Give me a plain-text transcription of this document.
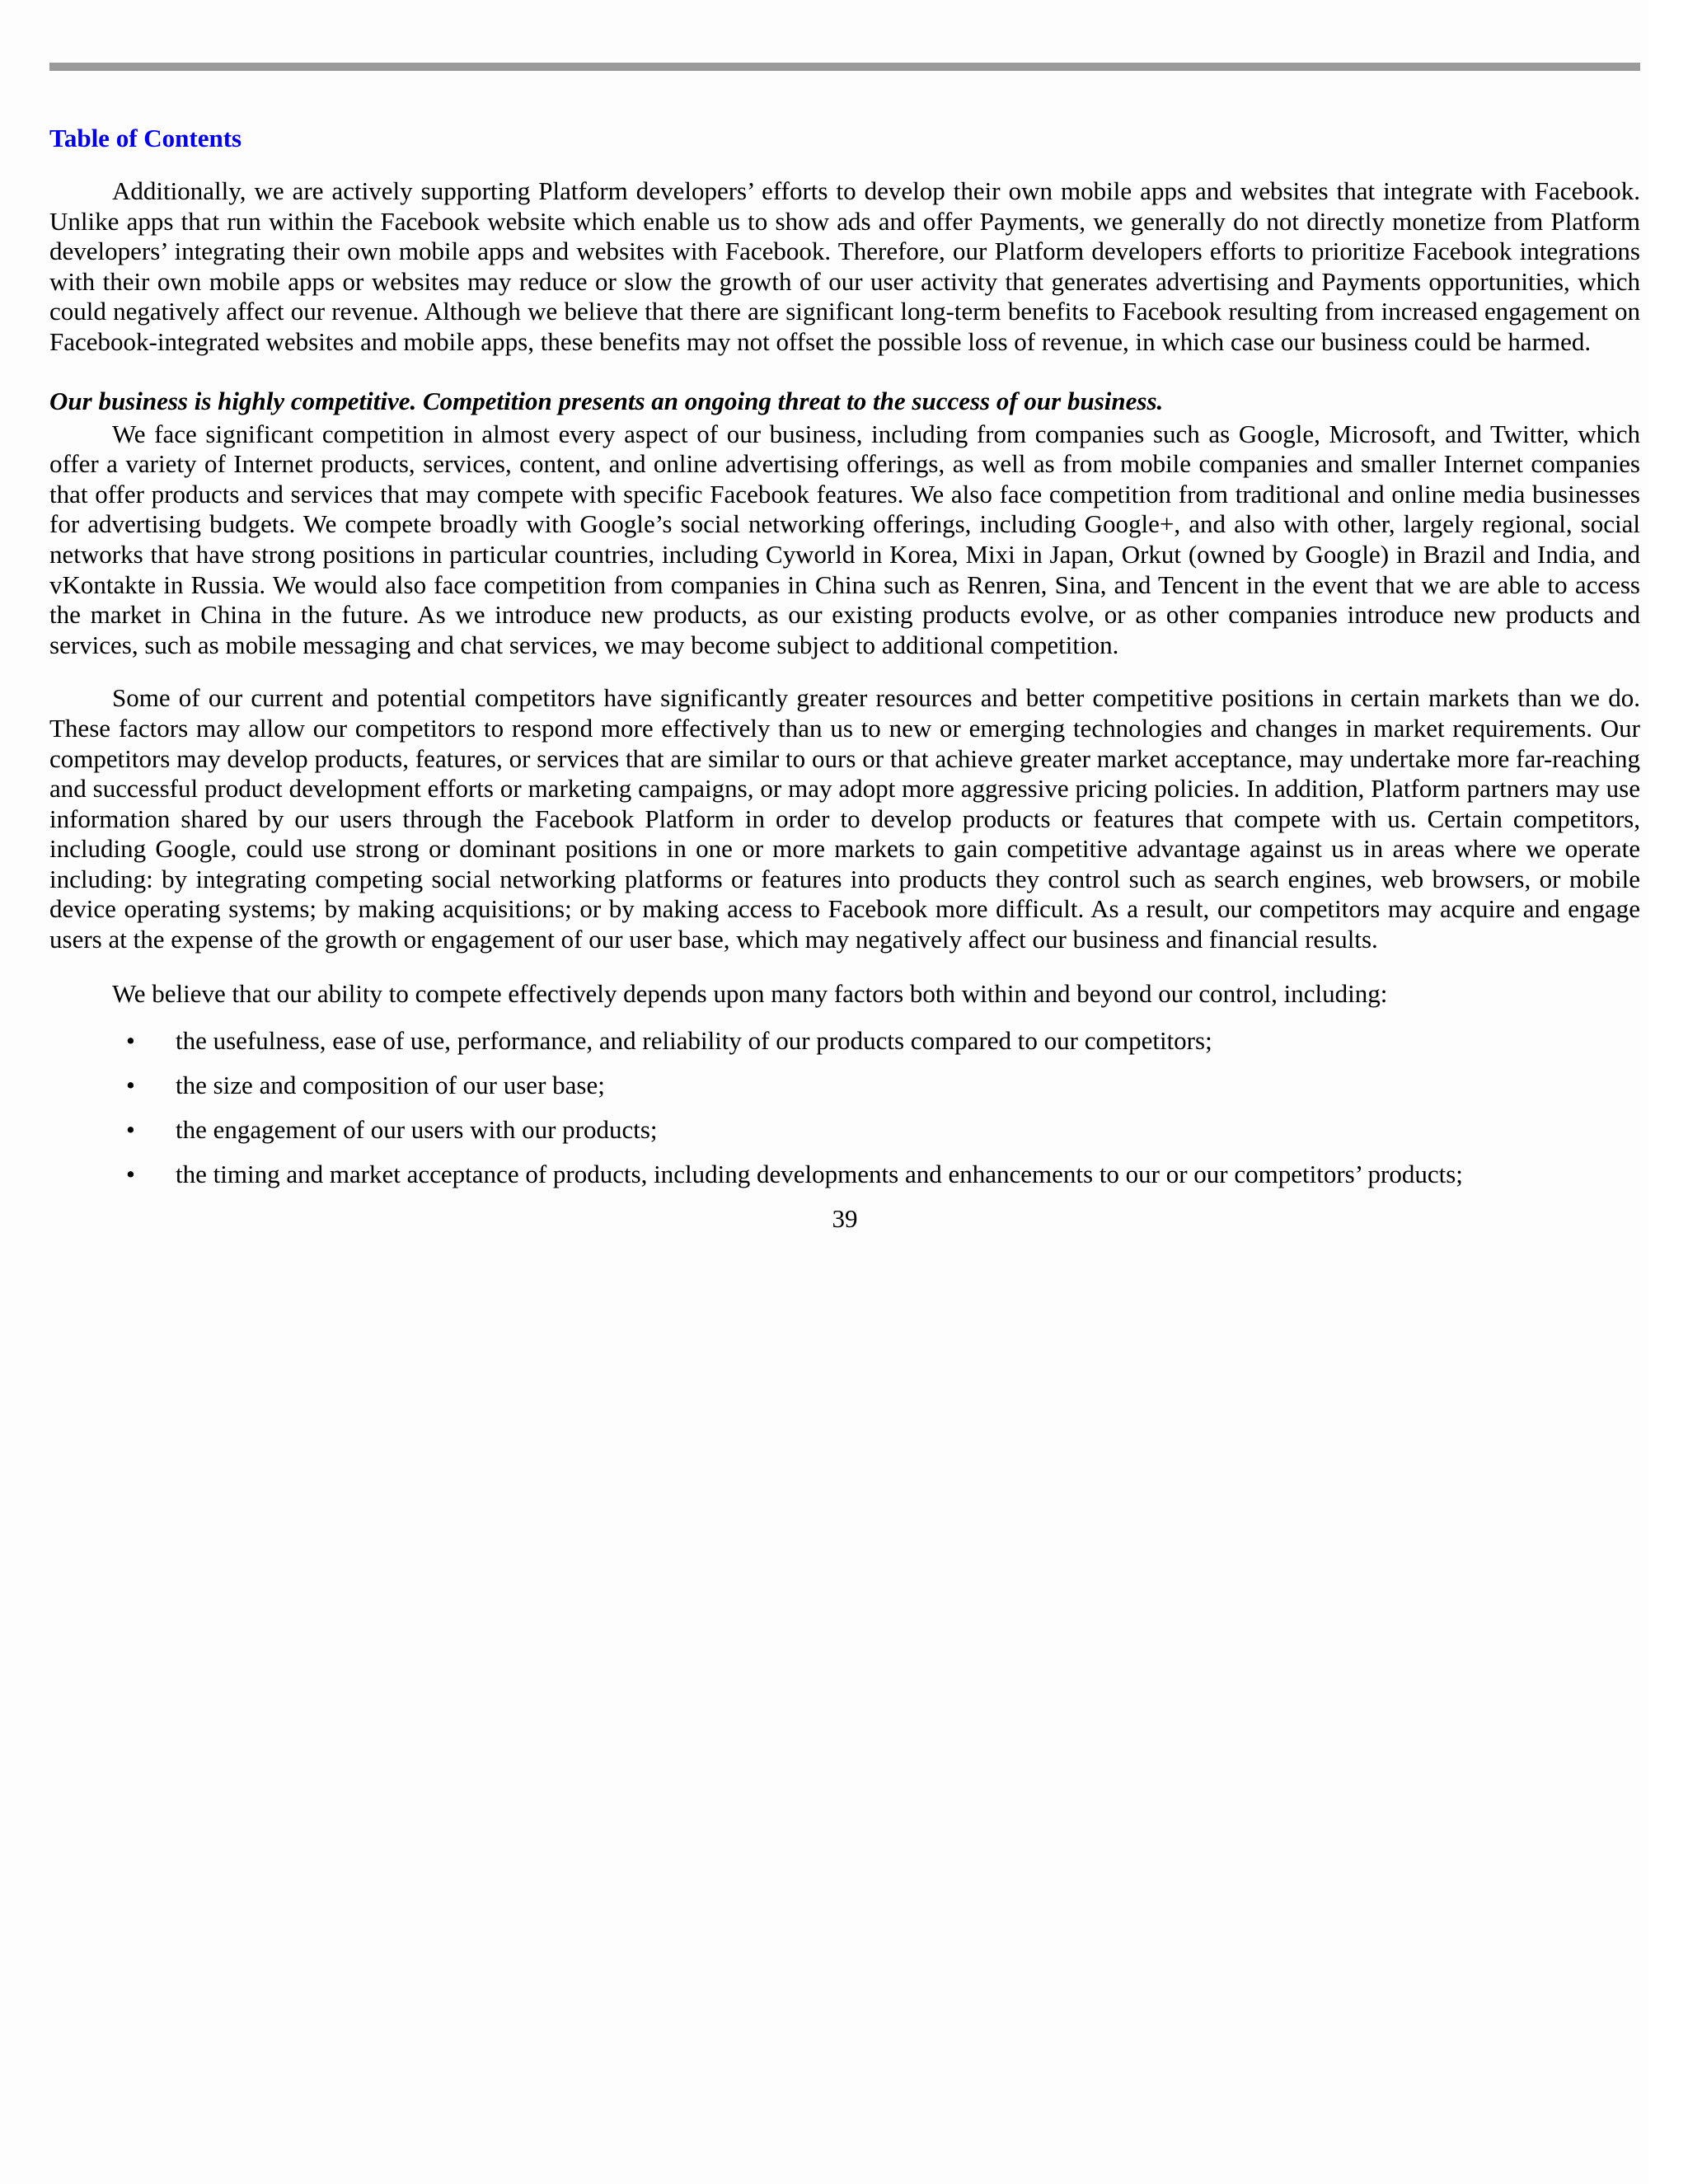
Table of Contents

Additionally, we are actively supporting Platform developers’ efforts to develop their own mobile apps and websites that integrate with Facebook. Unlike apps that run within the Facebook website which enable us to show ads and offer Payments, we generally do not directly monetize from Platform developers’ integrating their own mobile apps and websites with Facebook. Therefore, our Platform developers efforts to prioritize Facebook integrations with their own mobile apps or websites may reduce or slow the growth of our user activity that generates advertising and Payments opportunities, which could negatively affect our revenue. Although we believe that there are significant long-term benefits to Facebook resulting from increased engagement on Facebook-integrated websites and mobile apps, these benefits may not offset the possible loss of revenue, in which case our business could be harmed.

Our business is highly competitive. Competition presents an ongoing threat to the success of our business.

We face significant competition in almost every aspect of our business, including from companies such as Google, Microsoft, and Twitter, which offer a variety of Internet products, services, content, and online advertising offerings, as well as from mobile companies and smaller Internet companies that offer products and services that may compete with specific Facebook features. We also face competition from traditional and online media businesses for advertising budgets. We compete broadly with Google’s social networking offerings, including Google+, and also with other, largely regional, social networks that have strong positions in particular countries, including Cyworld in Korea, Mixi in Japan, Orkut (owned by Google) in Brazil and India, and vKontakte in Russia. We would also face competition from companies in China such as Renren, Sina, and Tencent in the event that we are able to access the market in China in the future. As we introduce new products, as our existing products evolve, or as other companies introduce new products and services, such as mobile messaging and chat services, we may become subject to additional competition.

Some of our current and potential competitors have significantly greater resources and better competitive positions in certain markets than we do. These factors may allow our competitors to respond more effectively than us to new or emerging technologies and changes in market requirements. Our competitors may develop products, features, or services that are similar to ours or that achieve greater market acceptance, may undertake more far-reaching and successful product development efforts or marketing campaigns, or may adopt more aggressive pricing policies. In addition, Platform partners may use information shared by our users through the Facebook Platform in order to develop products or features that compete with us. Certain competitors, including Google, could use strong or dominant positions in one or more markets to gain competitive advantage against us in areas where we operate including: by integrating competing social networking platforms or features into products they control such as search engines, web browsers, or mobile device operating systems; by making acquisitions; or by making access to Facebook more difficult. As a result, our competitors may acquire and engage users at the expense of the growth or engagement of our user base, which may negatively affect our business and financial results.

We believe that our ability to compete effectively depends upon many factors both within and beyond our control, including:

• the usefulness, ease of use, performance, and reliability of our products compared to our competitors;
• the size and composition of our user base;
• the engagement of our users with our products;
• the timing and market acceptance of products, including developments and enhancements to our or our competitors’ products;
39
